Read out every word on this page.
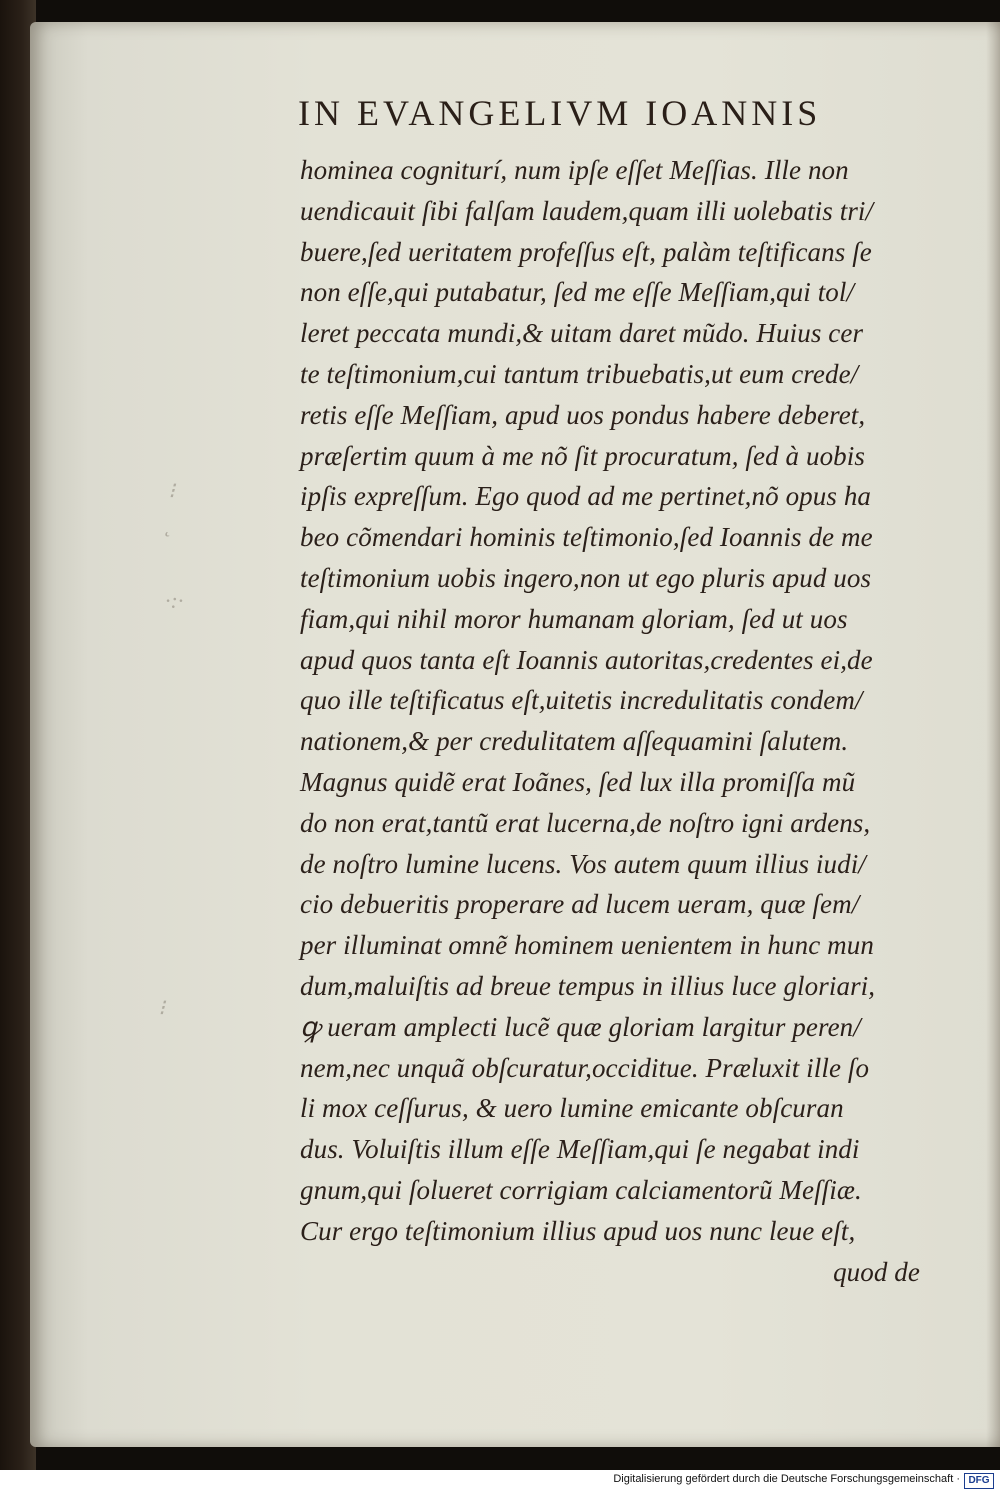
⁝
˛
·:·
⁝
IN EVANGELIVM IOANNIS
hominea cogniturí, num ipſe eſſet Meſſias. Ille non
uendicauit ſibi falſam laudem,quam illi uolebatis tri/
buere,ſed ueritatem profeſſus eſt, palàm teſtificans ſe
non eſſe,qui putabatur, ſed me eſſe Meſſiam,qui tol/
leret peccata mundi,& uitam daret mũdo. Huius cer
te teſtimonium,cui tantum tribuebatis,ut eum crede/
retis eſſe Meſſiam, apud uos pondus habere deberet,
præſertim quum à me nõ ſit procuratum, ſed à uobis
ipſis expreſſum. Ego quod ad me pertinet,nõ opus ha
beo cõmendari hominis teſtimonio,ſed Ioannis de me
teſtimonium uobis ingero,non ut ego pluris apud uos
fiam,qui nihil moror humanam gloriam, ſed ut uos
apud quos tanta eſt Ioannis autoritas,credentes ei,de
quo ille teſtificatus eſt,uitetis incredulitatis condem/
nationem,& per credulitatem aſſequamini ſalutem.
Magnus quidẽ erat Ioãnes, ſed lux illa promiſſa mũ
do non erat,tantũ erat lucerna,de noſtro igni ardens,
de noſtro lumine lucens. Vos autem quum illius iudi/
cio debueritis properare ad lucem ueram, quæ ſem/
per illuminat omnẽ hominem uenientem in hunc mun
dum,maluiſtis ad breue tempus in illius luce gloriari,
ꝙ ueram amplecti lucẽ quæ gloriam largitur peren/
nem,nec unquã obſcuratur,occiditue. Præluxit ille ſo
li mox ceſſurus, & uero lumine emicante obſcuran
dus. Voluiſtis illum eſſe Meſſiam,qui ſe negabat indi
gnum,qui ſolueret corrigiam calciamentorũ Meſſiæ.
Cur ergo teſtimonium illius apud uos nunc leue eſt,
quod de
Digitalisierung gefördert durch die Deutsche Forschungsgemeinschaft · DFG
